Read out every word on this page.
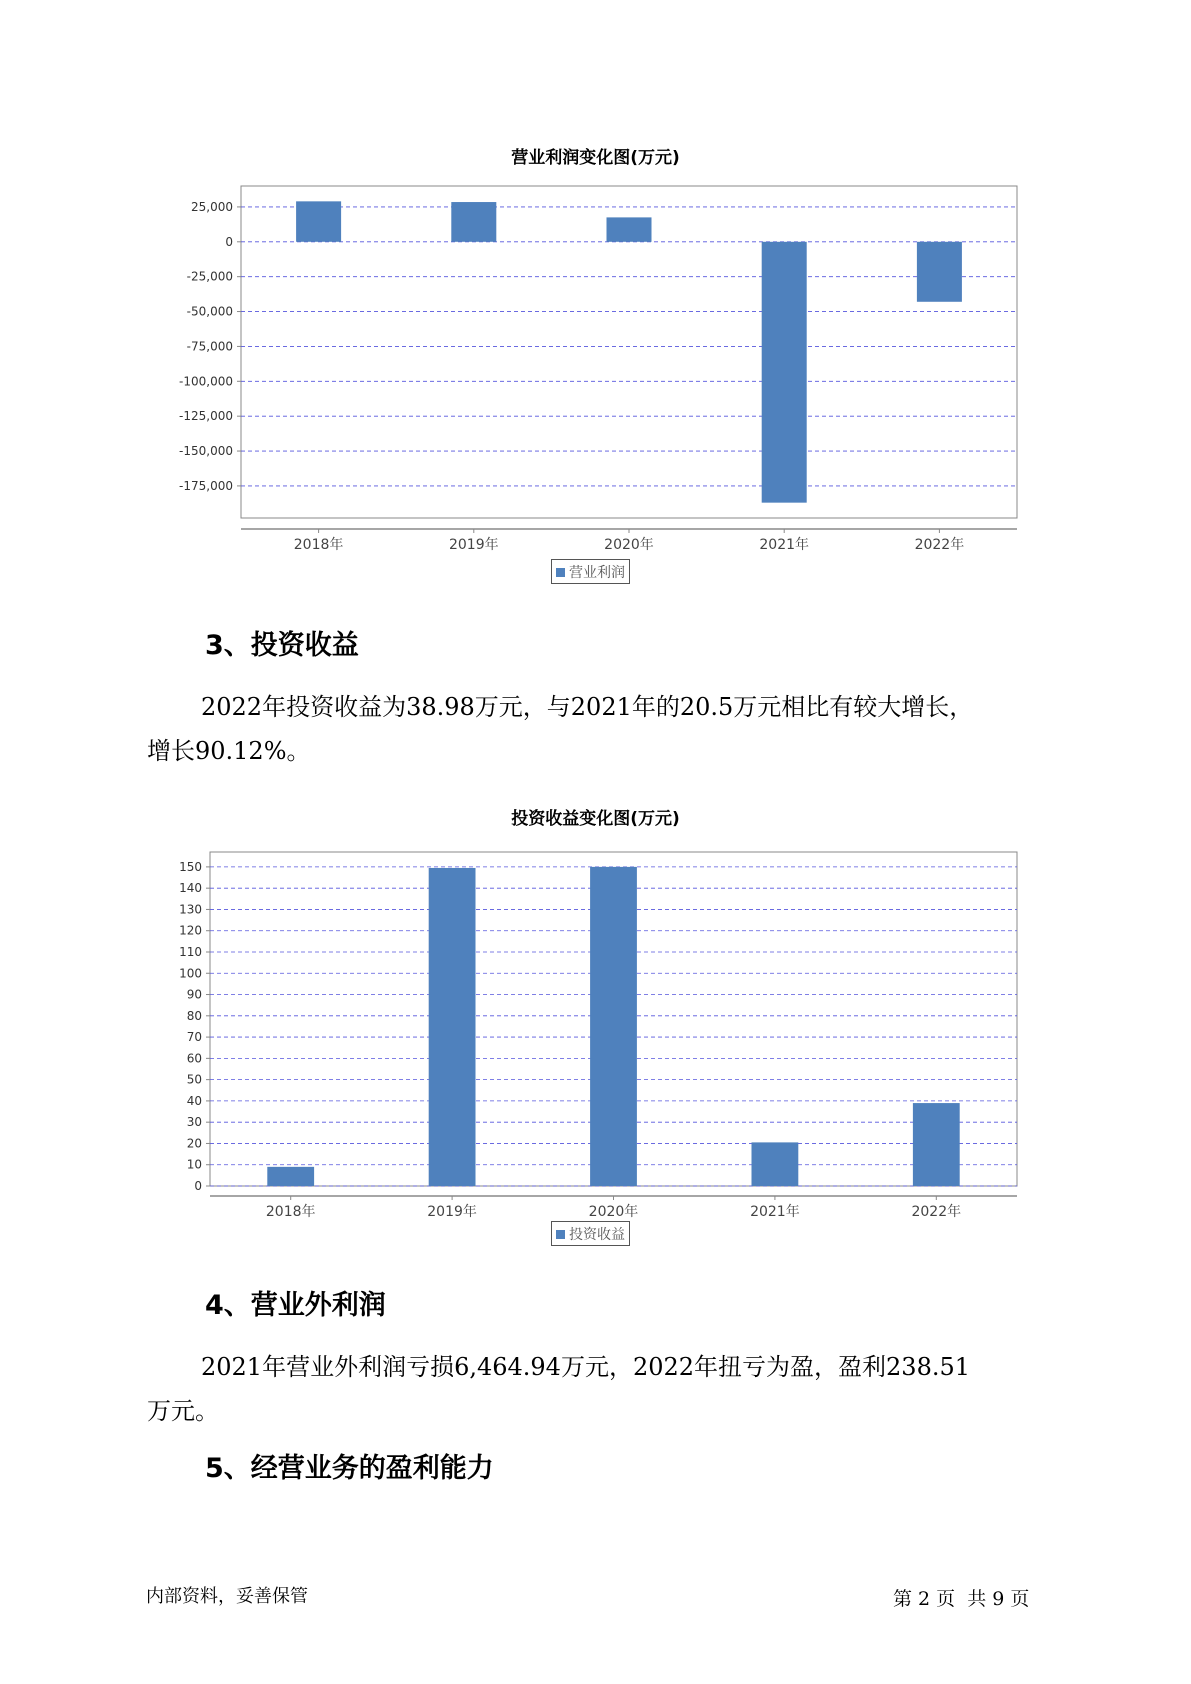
营业利润变化图(万元)
25,000
0
-25,000
-50,000
-75,000
-100,000
-125,000
-150,000
-175,000
2018年	2019年	2020年	2021年	2022年
营业利润
3、投资收益
2022年投资收益为38.98万元，与2021年的20.5万元相比有较大增长，
增长90.12%。
投资收益变化图(万元)
0
10
20
30
40
50
60
70
80
90
100
110
120
130
140
150
2018年	2019年	2020年	2021年	2022年
投资收益
4、营业外利润
2021年营业外利润亏损6,464.94万元，2022年扭亏为盈，盈利238.51
万元。
5、经营业务的盈利能力
内部资料，妥善保管	第 2 页  共 9 页
